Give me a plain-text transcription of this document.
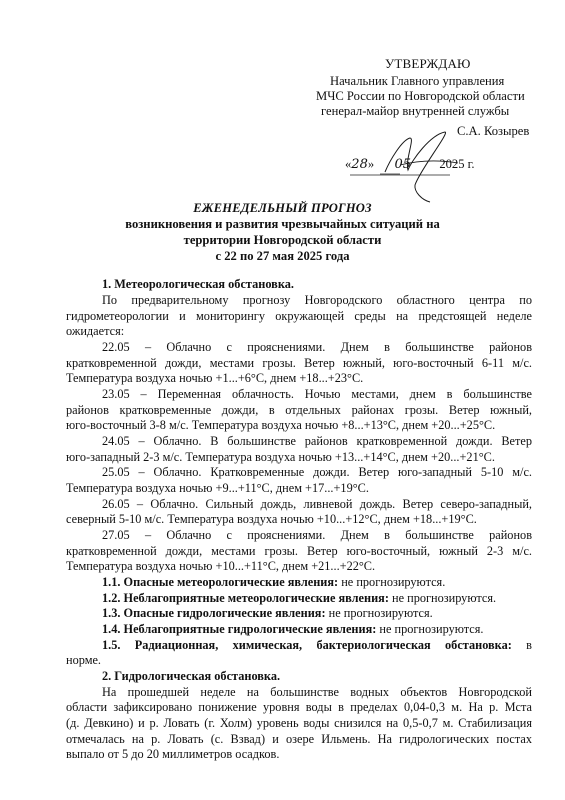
УТВЕРЖДАЮ
Начальник Главного управления
МЧС России по Новгородской области
генерал-майор внутренней службы
С.А. Козырев
«28» 05 2025 г.
ЕЖЕНЕДЕЛЬНЫЙ ПРОГНОЗ
возникновения и развития чрезвычайных ситуаций на
территории Новгородской области
с 22 по 27 мая 2025 года
1. Метеорологическая обстановка.
По предварительному прогнозу Новгородского областного центра по
гидрометеорологии и мониторингу окружающей среды на предстоящей неделе
ожидается:
22.05 – Облачно с прояснениями. Днем в большинстве районов
кратковременной дожди, местами грозы. Ветер южный, юго-восточный 6-11 м/с.
Температура воздуха ночью +1...+6°С, днем +18...+23°С.
23.05 – Переменная облачность. Ночью местами, днем в большинстве
районов кратковременные дожди, в отдельных районах грозы. Ветер южный,
юго-восточный 3-8 м/с. Температура воздуха ночью +8...+13°С, днем +20...+25°С.
24.05 – Облачно. В большинстве районов кратковременной дожди. Ветер
юго-западный 2-3 м/с. Температура воздуха ночью +13...+14°С, днем +20...+21°С.
25.05 – Облачно. Кратковременные дожди. Ветер юго-западный 5-10 м/с.
Температура воздуха ночью +9...+11°С, днем +17...+19°С.
26.05 – Облачно. Сильный дождь, ливневой дождь. Ветер северо-западный,
северный 5-10 м/с. Температура воздуха ночью +10...+12°С, днем +18...+19°С.
27.05 – Облачно с прояснениями. Днем в большинстве районов
кратковременной дожди, местами грозы. Ветер юго-восточный, южный 2-3 м/с.
Температура воздуха ночью +10...+11°С, днем +21...+22°С.
1.1. Опасные метеорологические явления: не прогнозируются.
1.2. Неблагоприятные метеорологические явления: не прогнозируются.
1.3. Опасные гидрологические явления: не прогнозируются.
1.4. Неблагоприятные гидрологические явления: не прогнозируются.
1.5. Радиационная, химическая, бактериологическая обстановка: в
норме.
2. Гидрологическая обстановка.
На прошедшей неделе на большинстве водных объектов Новгородской
области зафиксировано понижение уровня воды в пределах 0,04-0,3 м. На р. Мста
(д. Девкино) и р. Ловать (г. Холм) уровень воды снизился на 0,5-0,7 м. Стабилизация
отмечалась на р. Ловать (с. Взвад) и озере Ильмень. На гидрологических постах
выпало от 5 до 20 миллиметров осадков.
